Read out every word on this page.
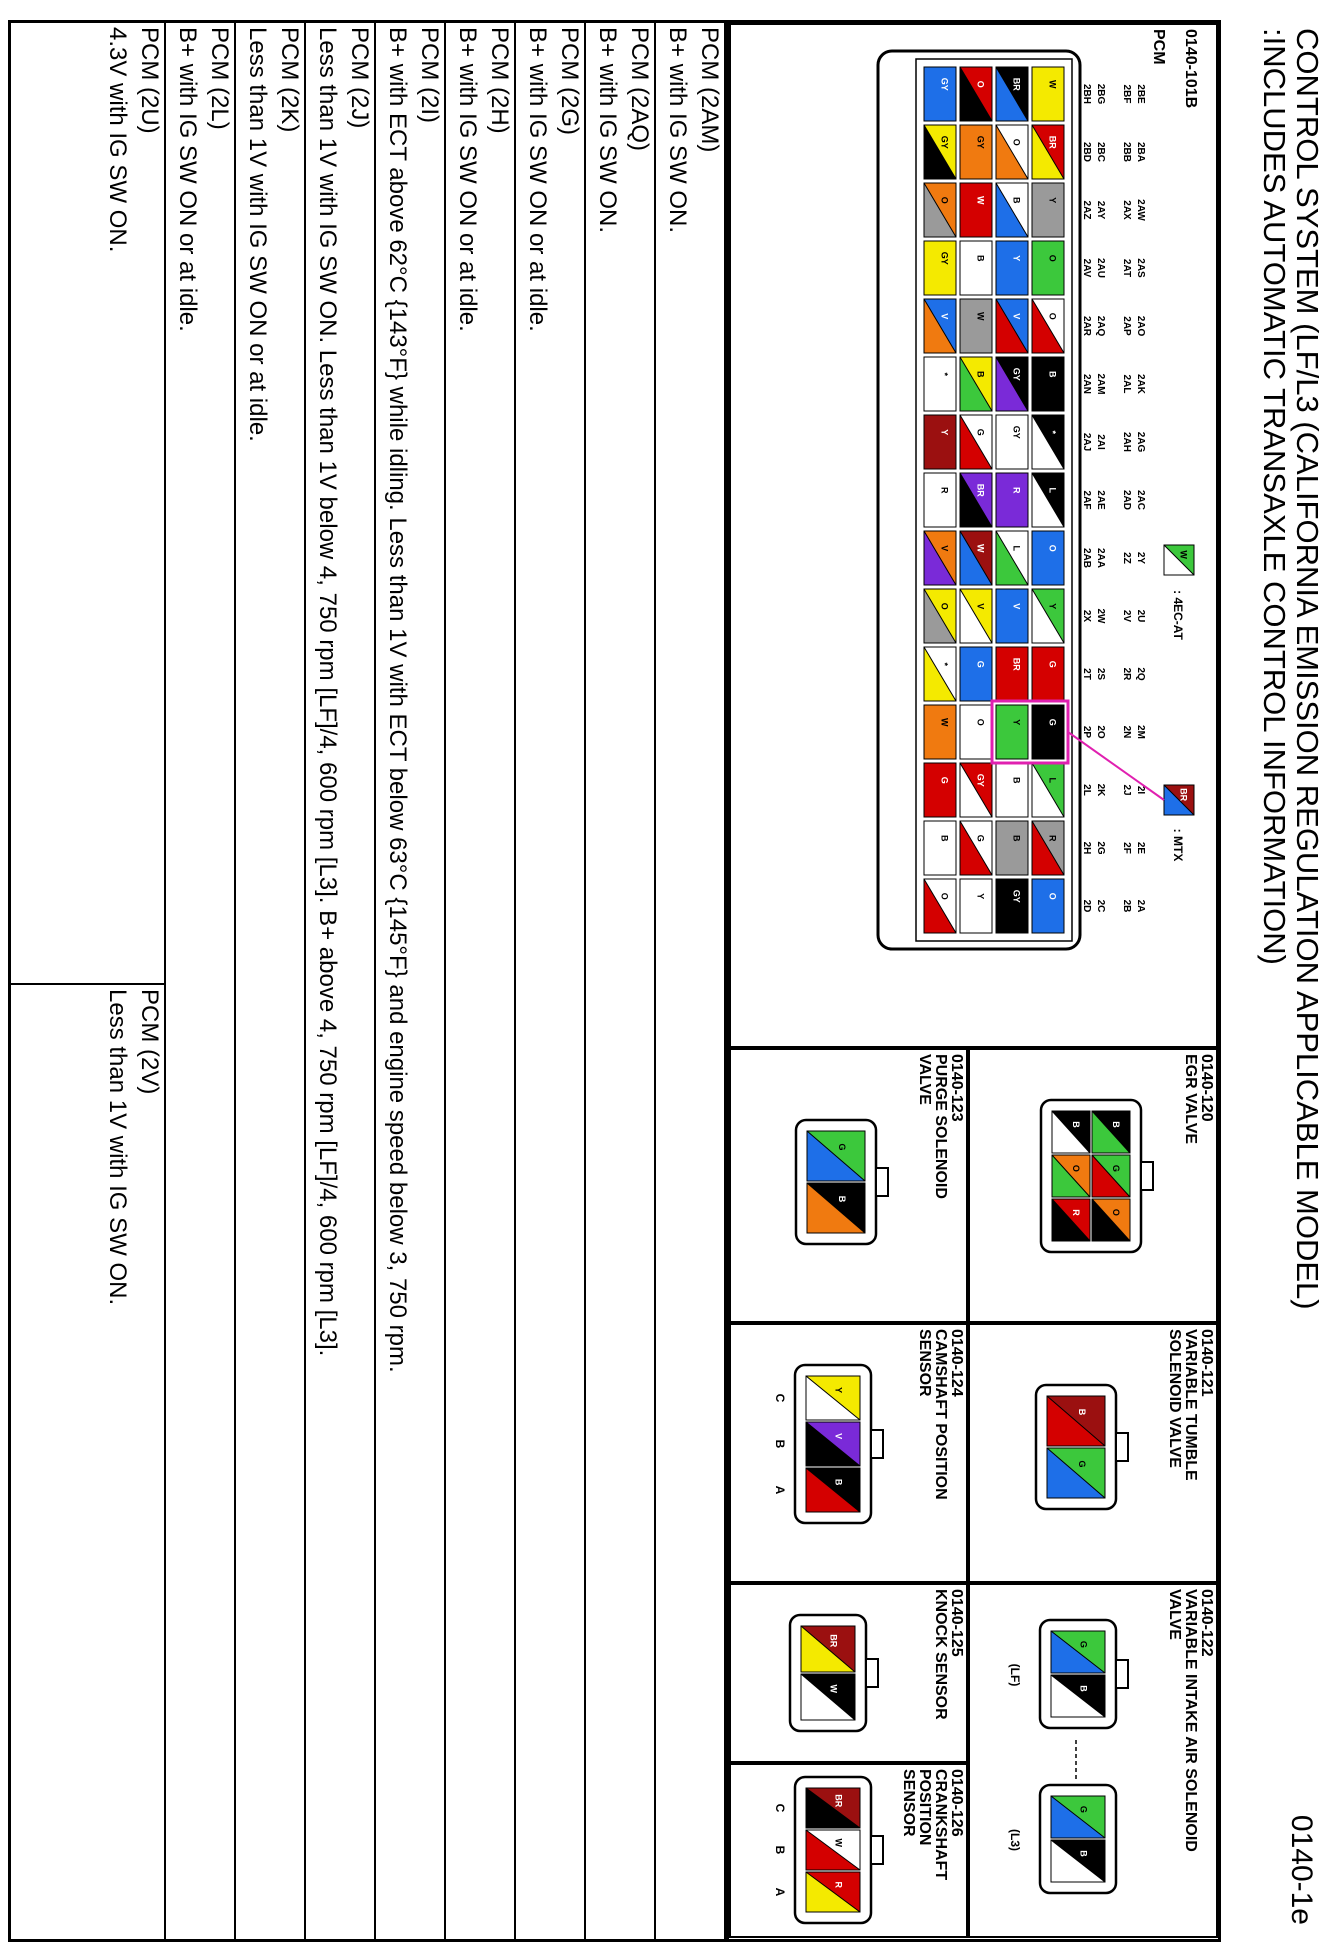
CONTROL SYSTEM (LF/L3 (CALIFORNIA EMISSION REGULATION APPLICABLE MODEL)
:INCLUDES AUTOMATIC TRANSAXLE CONTROL INFORMATION)
0140-1e

0140-101B

PCM

2BE
2BA
2AW
2AS
2AO
2AK
2AG
2AC
2Y
2U
2Q
2M
2I
2E
2A
2BF
2BB
2AX
2AT
2AP
2AL
2AH
2AD
2Z
2V
2R
2N
2J
2F
2B
2BG
2BC
2AY
2AU
2AQ
2AM
2AI
2AE
2AA
2W
2S
2O
2K
2G
2C
2BH
2BD
2AZ
2AV
2AR
2AN
2AJ
2AF
2AB
2X
2T
2P
2L
2H
2D
W
BR
Y
O
O
B
*
L
O
Y
G
G
L
R
O
BR
O
B
Y
V
GY
GY
R
L
V
BR
Y
B
B
GY
O
GY
W
B
W
B
G
BR
W
V
G
O
GY
G
Y
GY
GY
O
GY
V
*
Y
R
V
O
*
W
G
B
O
W
: 4EC-AT
BR
: MTX
0140-120
EGR VALVE
B
G
O
B
O
R
0140-121
VARIABLE TUMBLE
SOLENOID VALVE
B
G
0140-122
VARIABLE INTAKE AIR SOLENOID
VALVE
G
B
G
B
(LF)
(L3)
0140-123
PURGE SOLENOID
VALVE
G
B
0140-124
CAMSHAFT POSITION
SENSOR
Y
V
B
C
B
A
0140-125
KNOCK SENSOR
BR
W
0140-126
CRANKSHAFT POSITION
SENSOR
BR
W
R
C
B
A
PCM (2AM)
B+ with IG SW ON.
PCM (2AQ)
B+ with IG SW ON.
PCM (2G)
B+ with IG SW ON or at idle.
PCM (2H)
B+ with IG SW ON or at idle.
PCM (2I)
B+ with ECT above 62°C {143°F} while idling. Less than 1V with ECT below 63°C {145°F} and engine speed below 3, 750 rpm.
PCM (2J)
Less than 1V with IG SW ON. Less than 1V below 4, 750 rpm [LF]/4, 600 rpm [L3]. B+ above 4, 750 rpm [LF]/4, 600 rpm [L3].
PCM (2K)
Less than 1V with IG SW ON or at idle.
PCM (2L)
B+ with IG SW ON or at idle.
PCM (2U)
4.3V with IG SW ON.
PCM (2V)
Less than 1V with IG SW ON.
